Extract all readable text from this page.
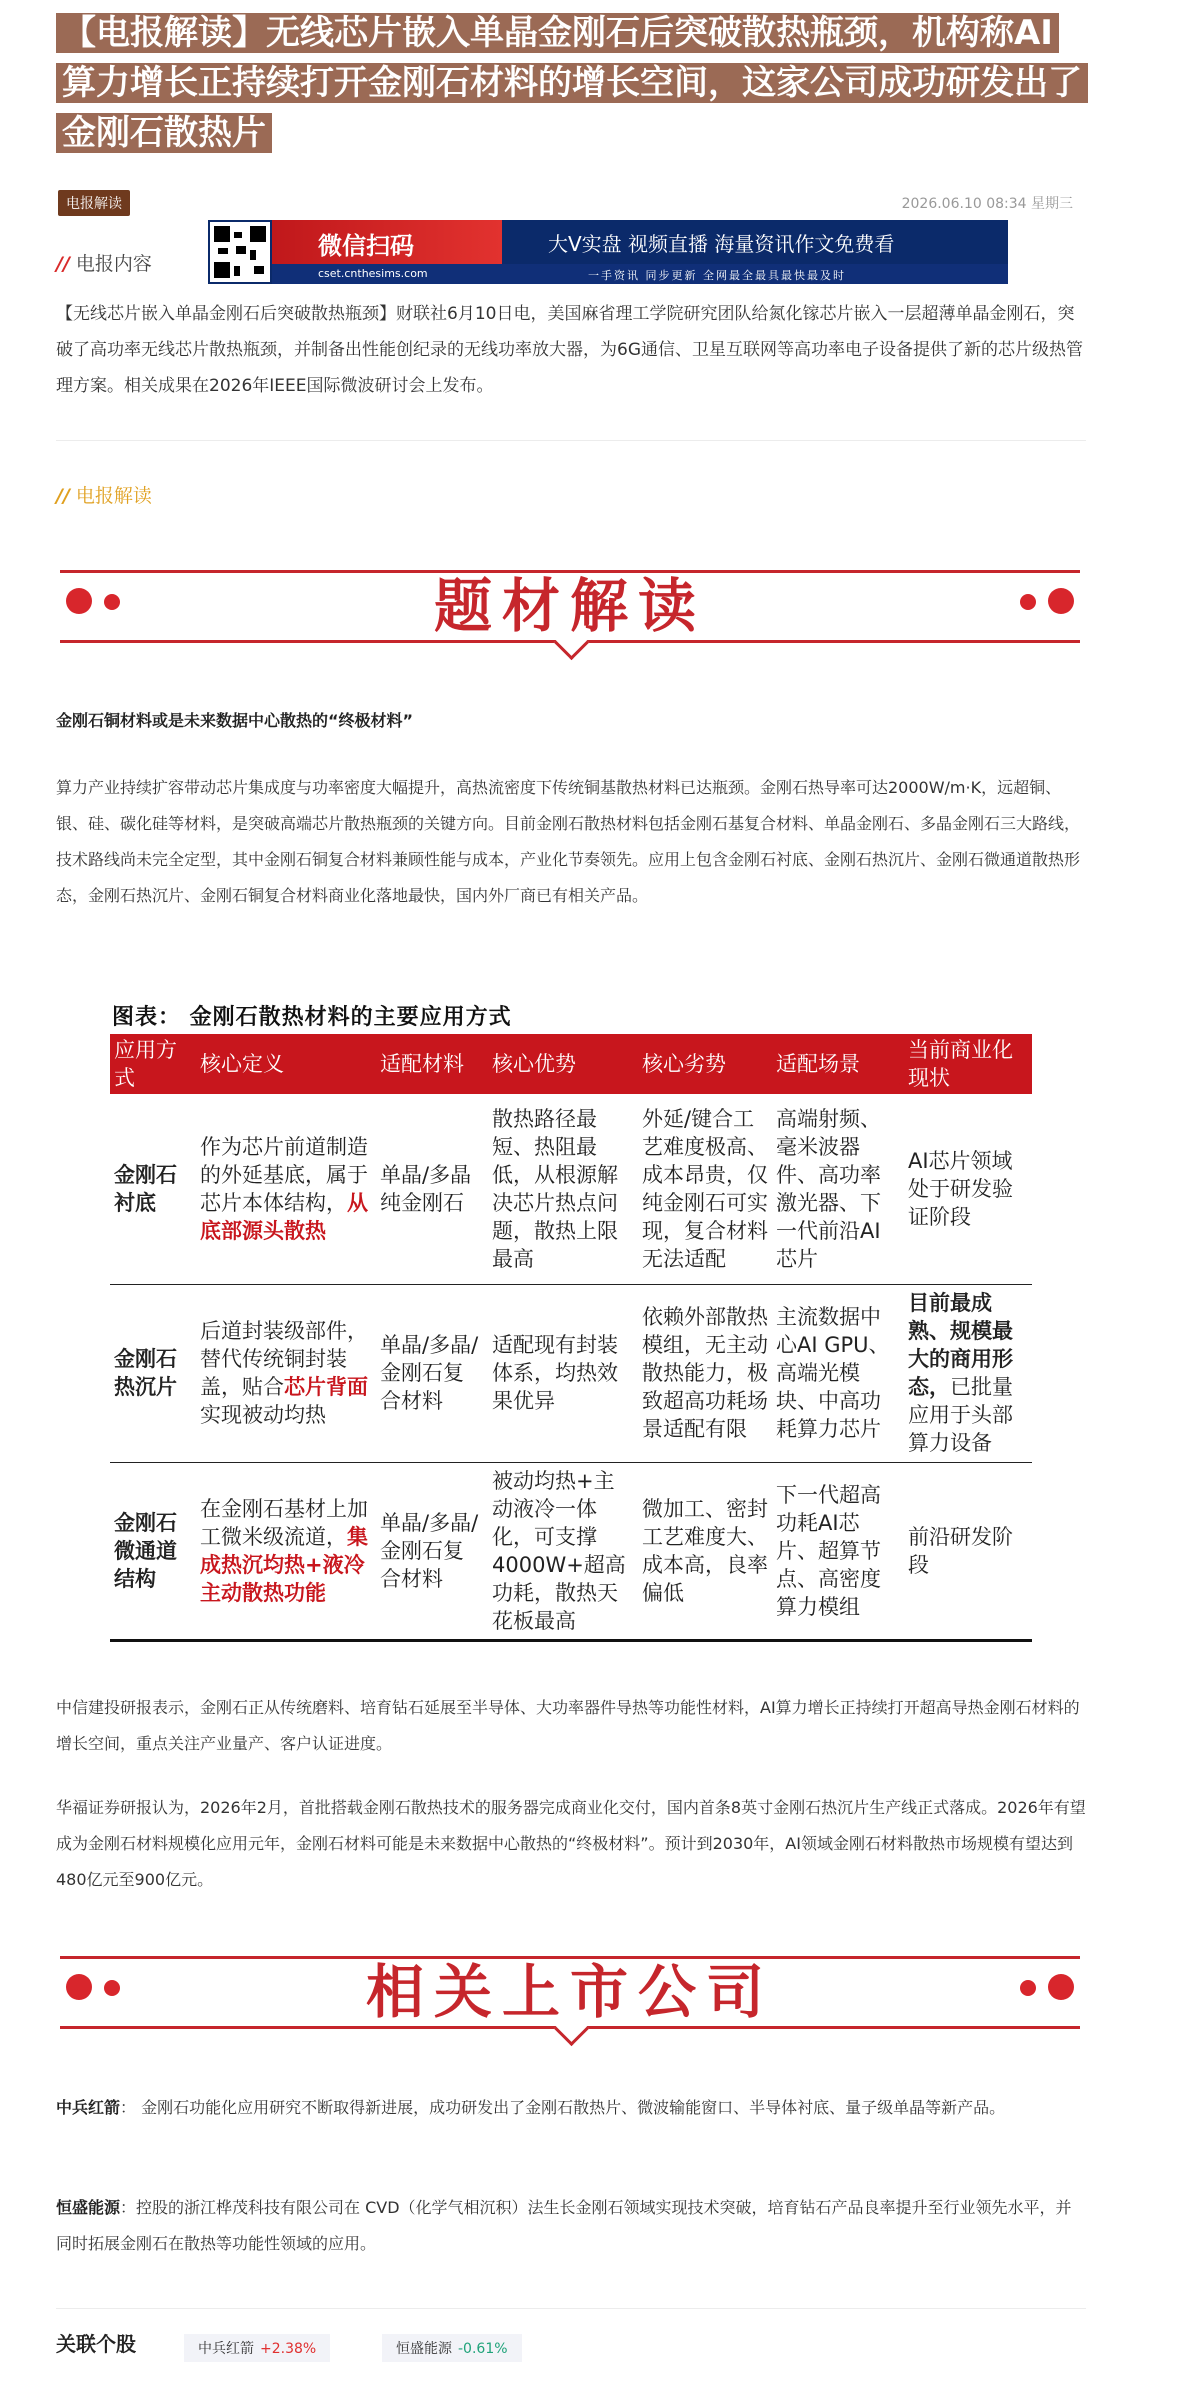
【电报解读】无线芯片嵌入单晶金刚石后突破散热瓶颈，机构称AI算力增长正持续打开金刚石材料的增长空间，这家公司成功研发出了金刚石散热片
电报解读	2026.06.10 08:34 星期三
// 电报内容
微信扫码	大V实盘 视频直播 海量资讯作文免费看
cset.cnthesims.com	一手资讯 同步更新 全网最全最具最快最及时

【无线芯片嵌入单晶金刚石后突破散热瓶颈】财联社6月10日电，美国麻省理工学院研究团队给氮化镓芯片嵌入一层超薄单晶金刚石，突破了高功率无线芯片散热瓶颈，并制备出性能创纪录的无线功率放大器，为6G通信、卫星互联网等高功率电子设备提供了新的芯片级热管理方案。相关成果在2026年IEEE国际微波研讨会上发布。

// 电报解读
题材解读
金刚石铜材料或是未来数据中心散热的“终极材料”

算力产业持续扩容带动芯片集成度与功率密度大幅提升，高热流密度下传统铜基散热材料已达瓶颈。金刚石热导率可达2000W/m·K，远超铜、银、硅、碳化硅等材料，是突破高端芯片散热瓶颈的关键方向。目前金刚石散热材料包括金刚石基复合材料、单晶金刚石、多晶金刚石三大路线，技术路线尚未完全定型，其中金刚石铜复合材料兼顾性能与成本，产业化节奏领先。应用上包含金刚石衬底、金刚石热沉片、金刚石微通道散热形态，金刚石热沉片、金刚石铜复合材料商业化落地最快，国内外厂商已有相关产品。

图表： 金刚石散热材料的主要应用方式
应用方式	核心定义	适配材料	核心优势	核心劣势	适配场景	当前商业化现状
金刚石衬底	作为芯片前道制造的外延基底，属于芯片本体结构，从底部源头散热	单晶/多晶纯金刚石	散热路径最短、热阻最低，从根源解决芯片热点问题，散热上限最高	外延/键合工艺难度极高、成本昂贵，仅纯金刚石可实现，复合材料无法适配	高端射频、毫米波器件、高功率激光器、下一代前沿AI芯片	AI芯片领域处于研发验证阶段
金刚石热沉片	后道封装级部件，替代传统铜封装盖，贴合芯片背面实现被动均热	单晶/多晶/金刚石复合材料	适配现有封装体系，均热效果优异	依赖外部散热模组，无主动散热能力，极致超高功耗场景适配有限	主流数据中心AI GPU、高端光模块、中高功耗算力芯片	目前最成熟、规模最大的商用形态，已批量应用于头部算力设备
金刚石微通道结构	在金刚石基材上加工微米级流道，集成热沉均热+液冷主动散热功能	单晶/多晶/金刚石复合材料	被动均热+主动液冷一体化，可支撑4000W+超高功耗，散热天花板最高	微加工、密封工艺难度大、成本高，良率偏低	下一代超高功耗AI芯片、超算节点、高密度算力模组	前沿研发阶段

中信建投研报表示，金刚石正从传统磨料、培育钻石延展至半导体、大功率器件导热等功能性材料，AI算力增长正持续打开超高导热金刚石材料的增长空间，重点关注产业量产、客户认证进度。

华福证券研报认为，2026年2月，首批搭载金刚石散热技术的服务器完成商业化交付，国内首条8英寸金刚石热沉片生产线正式落成。2026年有望成为金刚石材料规模化应用元年，金刚石材料可能是未来数据中心散热的“终极材料”。预计到2030年，AI领域金刚石材料散热市场规模有望达到480亿元至900亿元。

相关上市公司

中兵红箭： 金刚石功能化应用研究不断取得新进展，成功研发出了金刚石散热片、微波输能窗口、半导体衬底、量子级单晶等新产品。

恒盛能源：控股的浙江桦茂科技有限公司在 CVD（化学气相沉积）法生长金刚石领域实现技术突破，培育钻石产品良率提升至行业领先水平，并同时拓展金刚石在散热等功能性领域的应用。

关联个股	中兵红箭 +2.38%	恒盛能源 -0.61%
